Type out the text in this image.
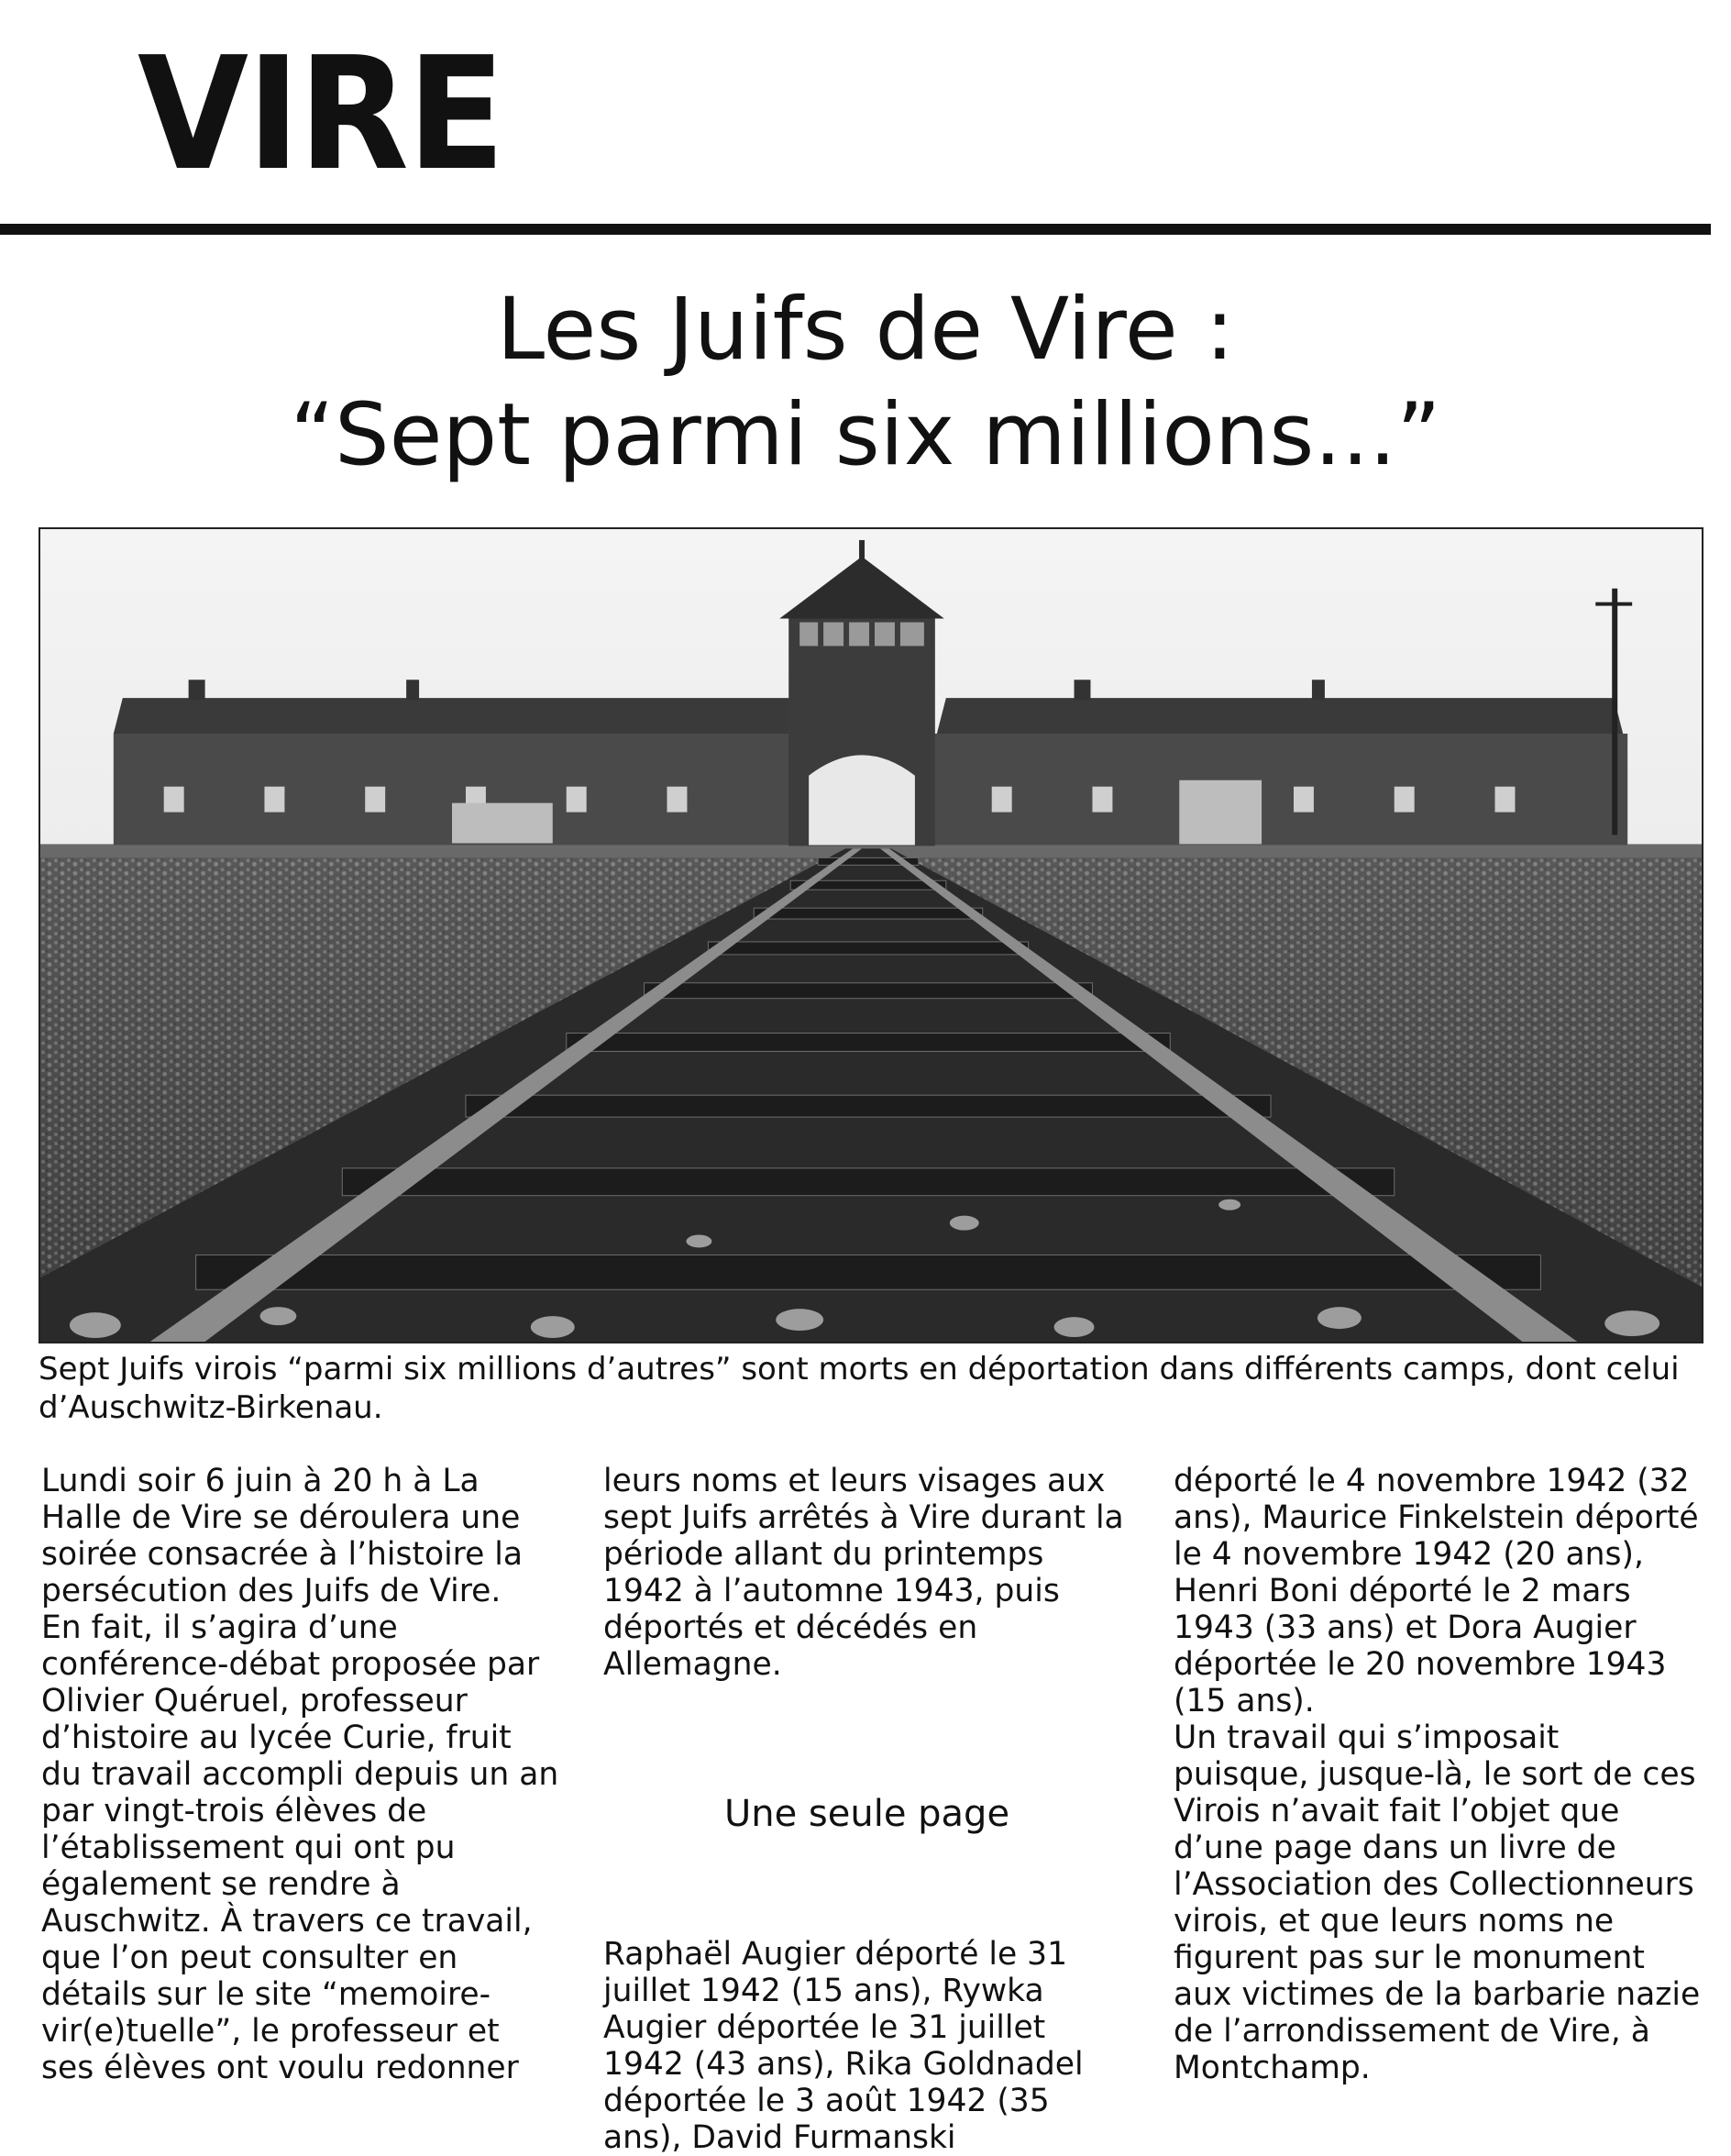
VIRE
Les Juifs de Vire :
“Sept parmi six millions...”
Sept Juifs virois “parmi six millions d’autres” sont morts en déportation dans différents camps, dont celui d’Auschwitz-Birkenau.

Lundi soir 6 juin à 20 h à La Halle de Vire se déroulera une soirée consacrée à l’histoire la persécution des Juifs de Vire.

En fait, il s’agira d’une conférence-débat proposée par Olivier Quéruel, professeur d’histoire au lycée Curie, fruit du travail accompli depuis un an par vingt-trois élèves de l’établissement qui ont pu également se rendre à Auschwitz. À travers ce travail, que l’on peut consulter en détails sur le site “memoire-vir(e)tuelle”, le professeur et ses élèves ont voulu redonner

leurs noms et leurs visages aux sept Juifs arrêtés à Vire durant la période allant du printemps 1942 à l’automne 1943, puis déportés et décédés en Allemagne.

Une seule page

Raphaël Augier déporté le 31 juillet 1942 (15 ans), Rywka Augier déportée le 31 juillet 1942 (43 ans), Rika Goldnadel déportée le 3 août 1942 (35 ans), David Furmanski

déporté le 4 novembre 1942 (32 ans), Maurice Finkelstein déporté le 4 novembre 1942 (20 ans), Henri Boni déporté le 2 mars 1943 (33 ans) et Dora Augier déportée le 20 novembre 1943 (15 ans).

Un travail qui s’imposait puisque, jusque-là, le sort de ces Virois n’avait fait l’objet que d’une page dans un livre de l’Association des Collectionneurs virois, et que leurs noms ne figurent pas sur le monument aux victimes de la barbarie nazie de l’arrondissement de Vire, à Montchamp.
